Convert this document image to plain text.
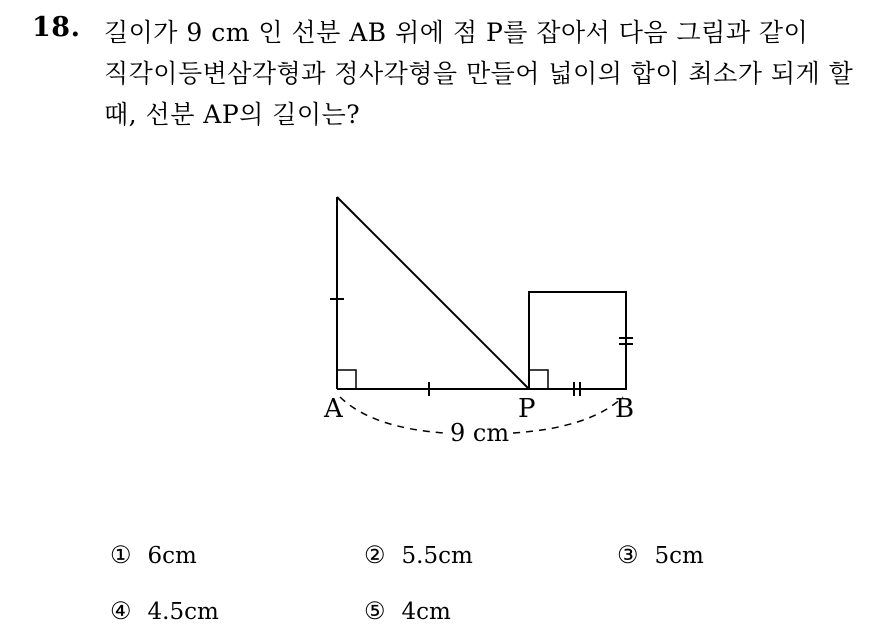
18. 길이가 9 cm 인 선분 AB 위에 점 P를 잡아서 다음 그림과 같이
직각이등변삼각형과 정사각형을 만들어 넓이의 합이 최소가 되게 할
때, 선분 AP의 길이는?
A	P	B
9 cm
① 6cm	② 5.5cm	③ 5cm
④ 4.5cm	⑤ 4cm
